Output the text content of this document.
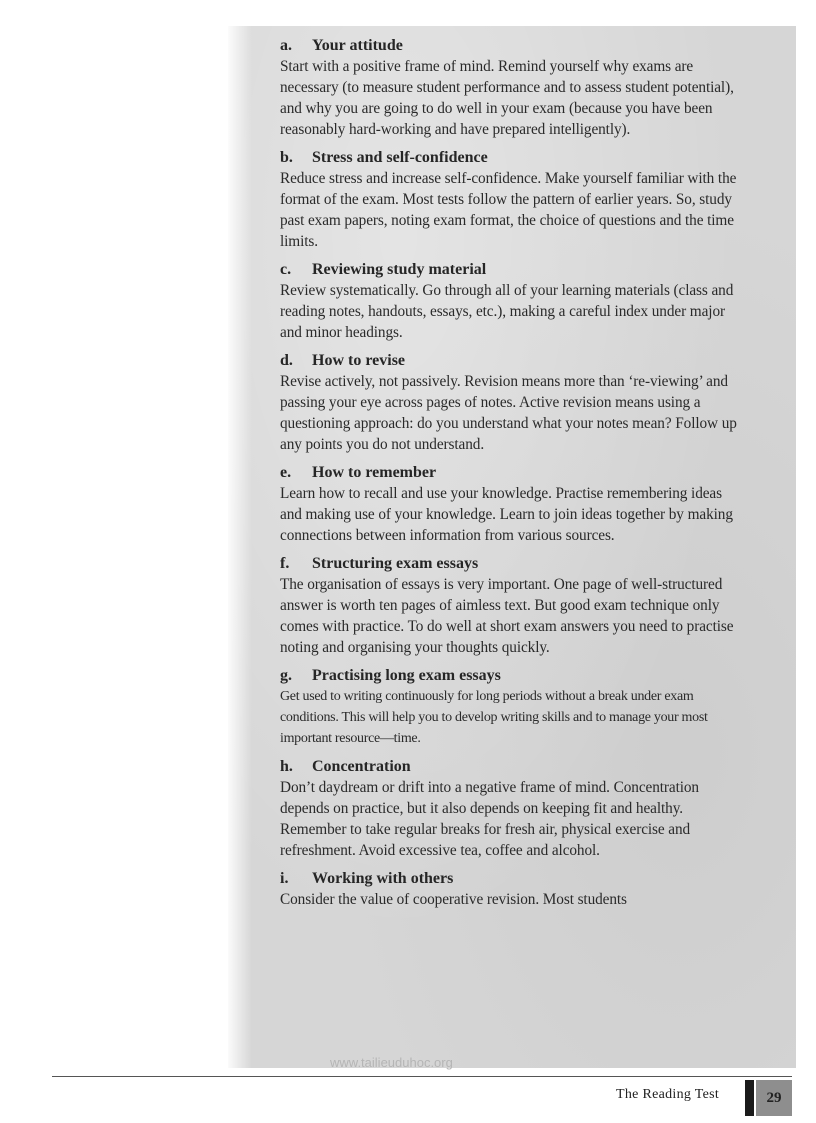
a. Your attitude
Start with a positive frame of mind. Remind yourself why exams are necessary (to measure student performance and to assess student potential), and why you are going to do well in your exam (because you have been reasonably hard-working and have prepared intelligently).
b. Stress and self-confidence
Reduce stress and increase self-confidence. Make yourself familiar with the format of the exam. Most tests follow the pattern of earlier years. So, study past exam papers, noting exam format, the choice of questions and the time limits.
c. Reviewing study material
Review systematically. Go through all of your learning materials (class and reading notes, handouts, essays, etc.), making a careful index under major and minor headings.
d. How to revise
Revise actively, not passively. Revision means more than ‘re-viewing’ and passing your eye across pages of notes. Active revision means using a questioning approach: do you understand what your notes mean? Follow up any points you do not understand.
e. How to remember
Learn how to recall and use your knowledge. Practise remembering ideas and making use of your knowledge. Learn to join ideas together by making connections between information from various sources.
f. Structuring exam essays
The organisation of essays is very important. One page of well-structured answer is worth ten pages of aimless text. But good exam technique only comes with practice. To do well at short exam answers you need to practise noting and organising your thoughts quickly.
g. Practising long exam essays
Get used to writing continuously for long periods without a break under exam conditions. This will help you to develop writing skills and to manage your most important resource—time.
h. Concentration
Don’t daydream or drift into a negative frame of mind. Concentration depends on practice, but it also depends on keeping fit and healthy. Remember to take regular breaks for fresh air, physical exercise and refreshment. Avoid excessive tea, coffee and alcohol.
i. Working with others
Consider the value of cooperative revision. Most students
www.tailieuduhoc.org
The Reading Test	29
